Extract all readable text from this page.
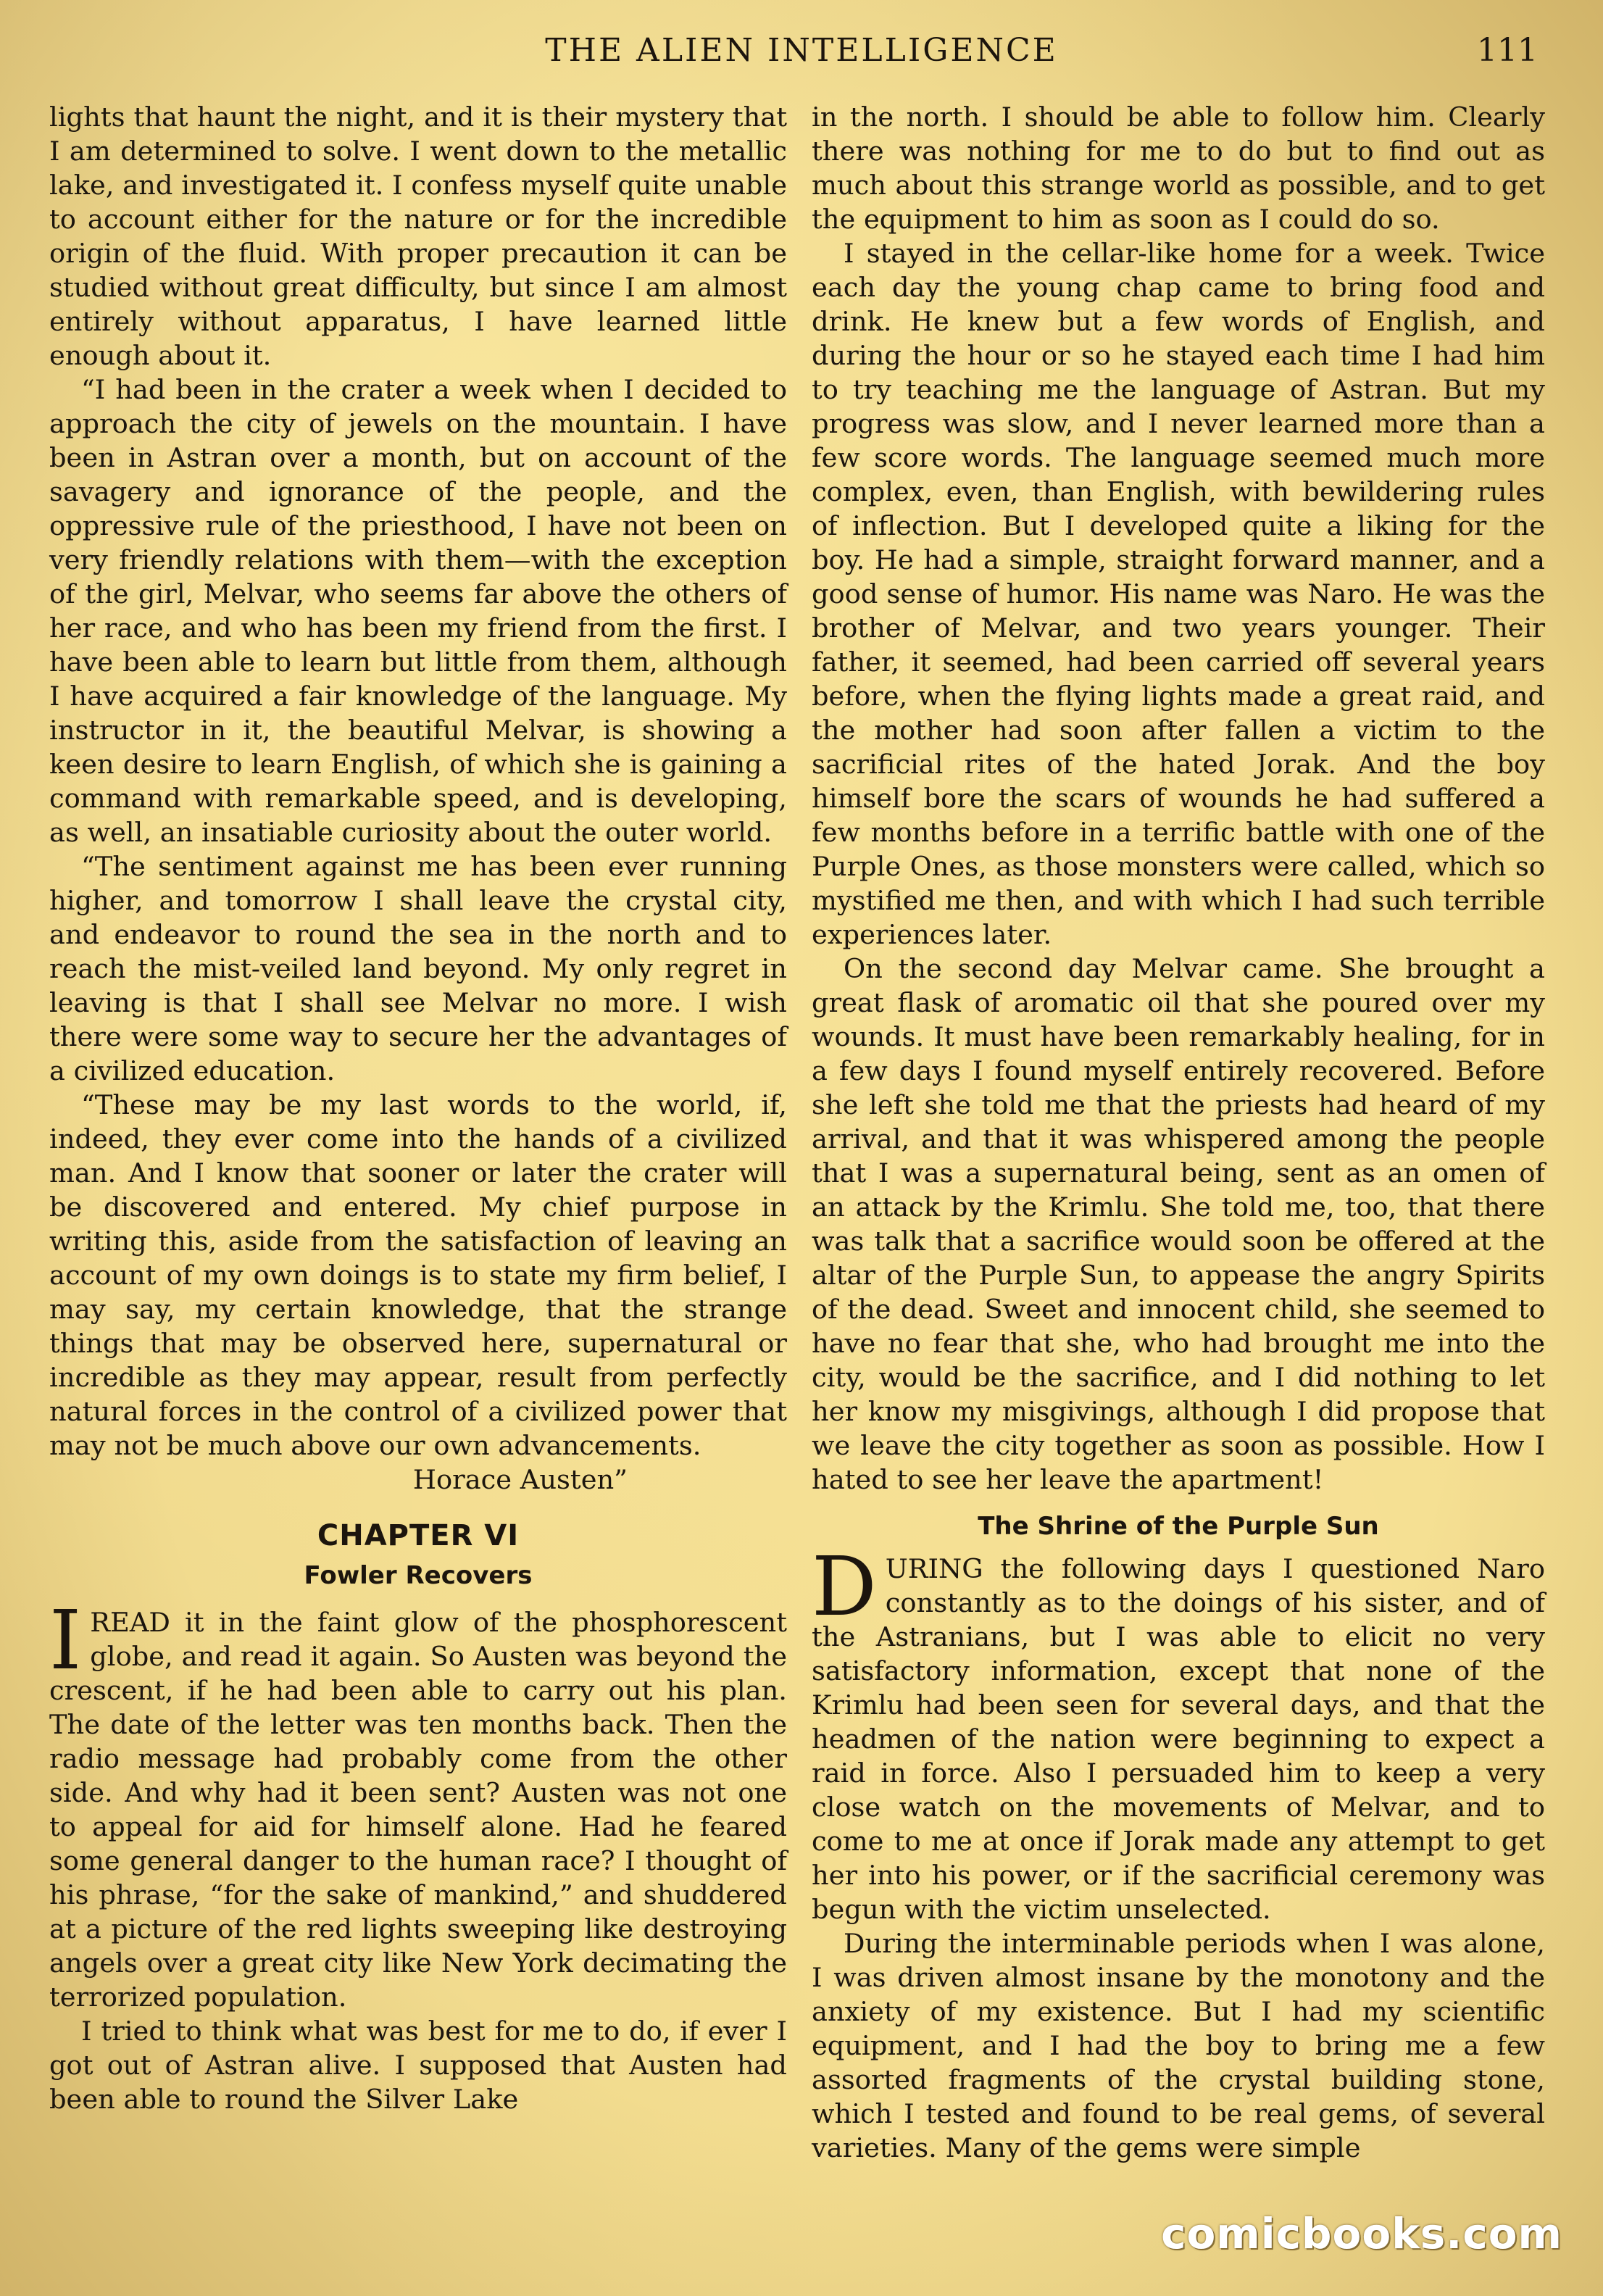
THE ALIEN INTELLIGENCE	111

lights that haunt the night, and it is their mystery that I am determined to solve. I went down to the metallic lake, and investigated it. I confess myself quite unable to account either for the nature or for the incredible origin of the fluid. With proper precaution it can be studied without great difficulty, but since I am almost entirely without apparatus, I have learned little enough about it.

“I had been in the crater a week when I decided to approach the city of jewels on the mountain. I have been in Astran over a month, but on account of the savagery and ignorance of the people, and the oppressive rule of the priesthood, I have not been on very friendly relations with them—with the exception of the girl, Melvar, who seems far above the others of her race, and who has been my friend from the first. I have been able to learn but little from them, although I have acquired a fair knowledge of the language. My instructor in it, the beautiful Melvar, is showing a keen desire to learn English, of which she is gaining a command with remarkable speed, and is developing, as well, an insatiable curiosity about the outer world.

“The sentiment against me has been ever running higher, and tomorrow I shall leave the crystal city, and endeavor to round the sea in the north and to reach the mist-veiled land beyond. My only regret in leaving is that I shall see Melvar no more. I wish there were some way to secure her the advantages of a civilized education.

“These may be my last words to the world, if, indeed, they ever come into the hands of a civilized man. And I know that sooner or later the crater will be discovered and entered. My chief purpose in writing this, aside from the satisfaction of leaving an account of my own doings is to state my firm belief, I may say, my certain knowledge, that the strange things that may be observed here, supernatural or incredible as they may appear, result from perfectly natural forces in the control of a civilized power that may not be much above our own advancements.

Horace Austen”

CHAPTER VI
Fowler Recovers

IREAD it in the faint glow of the phosphorescent globe, and read it again. So Austen was beyond the crescent, if he had been able to carry out his plan. The date of the letter was ten months back. Then the radio message had probably come from the other side. And why had it been sent? Austen was not one to appeal for aid for himself alone. Had he feared some general danger to the human race? I thought of his phrase, “for the sake of mankind,” and shuddered at a picture of the red lights sweeping like destroying angels over a great city like New York decimating the terrorized population.

I tried to think what was best for me to do, if ever I got out of Astran alive. I supposed that Austen had been able to round the Silver Lake

in the north. I should be able to follow him. Clearly there was nothing for me to do but to find out as much about this strange world as possible, and to get the equipment to him as soon as I could do so.

I stayed in the cellar-like home for a week. Twice each day the young chap came to bring food and drink. He knew but a few words of English, and during the hour or so he stayed each time I had him to try teaching me the language of Astran. But my progress was slow, and I never learned more than a few score words. The language seemed much more complex, even, than English, with bewildering rules of inflection. But I developed quite a liking for the boy. He had a simple, straight forward manner, and a good sense of humor. His name was Naro. He was the brother of Melvar, and two years younger. Their father, it seemed, had been carried off several years before, when the flying lights made a great raid, and the mother had soon after fallen a victim to the sacrificial rites of the hated Jorak. And the boy himself bore the scars of wounds he had suffered a few months before in a terrific battle with one of the Purple Ones, as those monsters were called, which so mystified me then, and with which I had such terrible experiences later.

On the second day Melvar came. She brought a great flask of aromatic oil that she poured over my wounds. It must have been remarkably healing, for in a few days I found myself entirely recovered. Before she left she told me that the priests had heard of my arrival, and that it was whispered among the people that I was a supernatural being, sent as an omen of an attack by the Krimlu. She told me, too, that there was talk that a sacrifice would soon be offered at the altar of the Purple Sun, to appease the angry Spirits of the dead. Sweet and innocent child, she seemed to have no fear that she, who had brought me into the city, would be the sacrifice, and I did nothing to let her know my misgivings, although I did propose that we leave the city together as soon as possible. How I hated to see her leave the apartment!

The Shrine of the Purple Sun

DURING the following days I questioned Naro constantly as to the doings of his sister, and of the Astranians, but I was able to elicit no very satisfactory information, except that none of the Krimlu had been seen for several days, and that the headmen of the nation were beginning to expect a raid in force. Also I persuaded him to keep a very close watch on the movements of Melvar, and to come to me at once if Jorak made any attempt to get her into his power, or if the sacrificial ceremony was begun with the victim unselected.

During the interminable periods when I was alone, I was driven almost insane by the monotony and the anxiety of my existence. But I had my scientific equipment, and I had the boy to bring me a few assorted fragments of the crystal building stone, which I tested and found to be real gems, of several varieties. Many of the gems were simple

comicbooks.com
